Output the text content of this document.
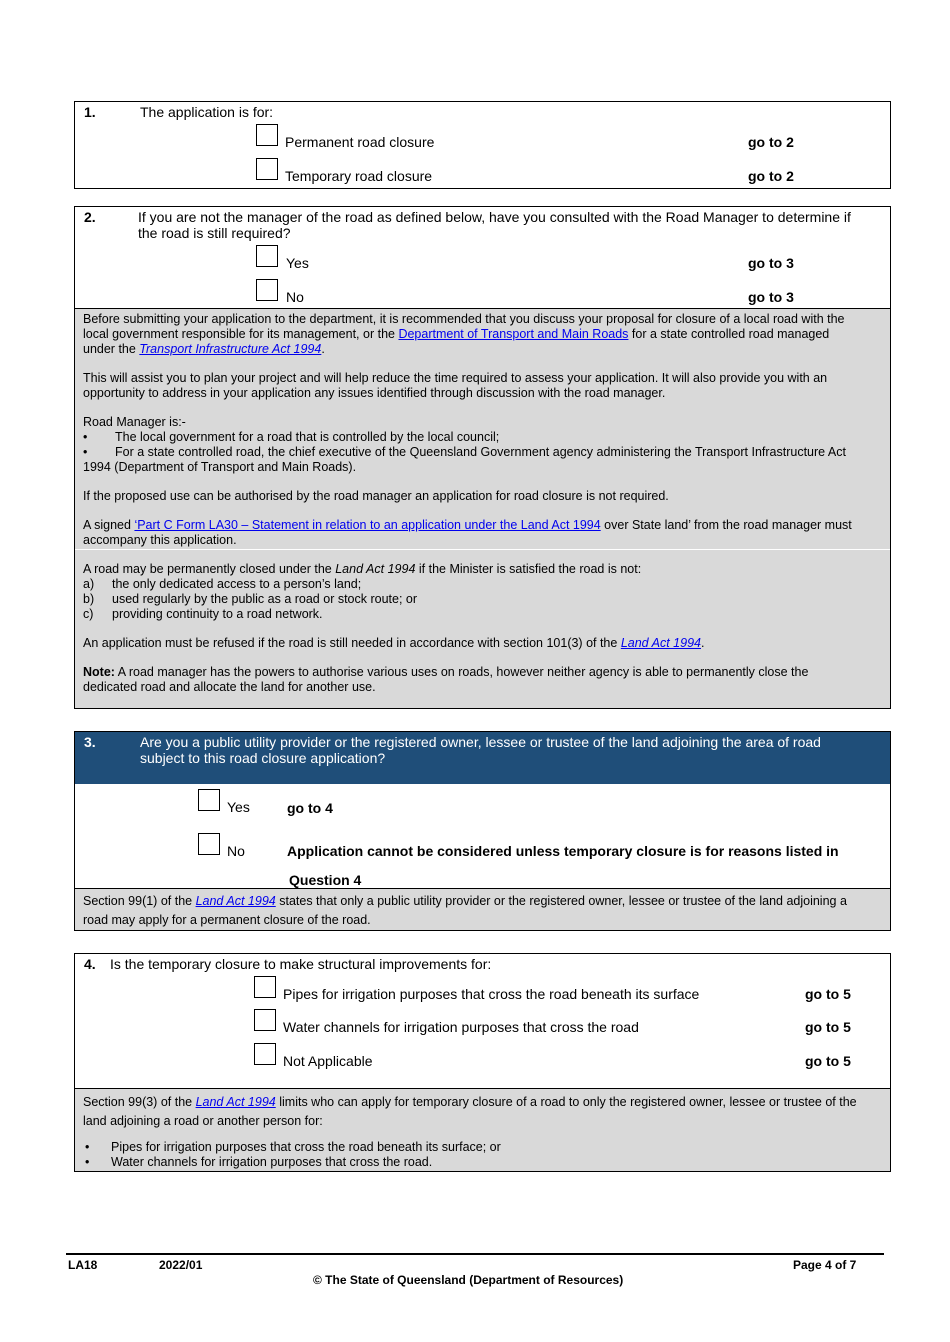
1.	The application is for:
Permanent road closure	go to 2
Temporary road closure	go to 2
2.	If you are not the manager of the road as defined below, have you consulted with the Road Manager to determine if
the road is still required?
Yes	go to 3
No	go to 3

Before submitting your application to the department, it is recommended that you discuss your proposal for closure of a local road with the

local government responsible for its management, or the Department of Transport and Main Roads for a state controlled road managed

under the Transport Infrastructure Act 1994.

This will assist you to plan your project and will help reduce the time required to assess your application. It will also provide you with an

opportunity to address in your application any issues identified through discussion with the road manager.

Road Manager is:-

• The local government for a road that is controlled by the local council;

• For a state controlled road, the chief executive of the Queensland Government agency administering the Transport Infrastructure Act

1994 (Department of Transport and Main Roads).

If the proposed use can be authorised by the road manager an application for road closure is not required.

A signed ‘Part C Form LA30 – Statement in relation to an application under the Land Act 1994 over State land’ from the road manager must

accompany this application.

A road may be permanently closed under the Land Act 1994 if the Minister is satisfied the road is not:

a) the only dedicated access to a person’s land;

b) used regularly by the public as a road or stock route; or

c) providing continuity to a road network.

An application must be refused if the road is still needed in accordance with section 101(3) of the Land Act 1994.

Note: A road manager has the powers to authorise various uses on roads, however neither agency is able to permanently close the

dedicated road and allocate the land for another use.

3.	Are you a public utility provider or the registered owner, lessee or trustee of the land adjoining the area of road
subject to this road closure application?
Yes	go to 4
No	Application cannot be considered unless temporary closure is for reasons listed in
Question 4

Section 99(1) of the Land Act 1994 states that only a public utility provider or the registered owner, lessee or trustee of the land adjoining a

road may apply for a permanent closure of the road.

4. Is the temporary closure to make structural improvements for:
Pipes for irrigation purposes that cross the road beneath its surface	go to 5
Water channels for irrigation purposes that cross the road	go to 5
Not Applicable	go to 5

Section 99(3) of the Land Act 1994 limits who can apply for temporary closure of a road to only the registered owner, lessee or trustee of the

land adjoining a road or another person for:

• Pipes for irrigation purposes that cross the road beneath its surface; or

• Water channels for irrigation purposes that cross the road.

LA18	2022/01
© The State of Queensland (Department of Resources)
Page 4 of 7
